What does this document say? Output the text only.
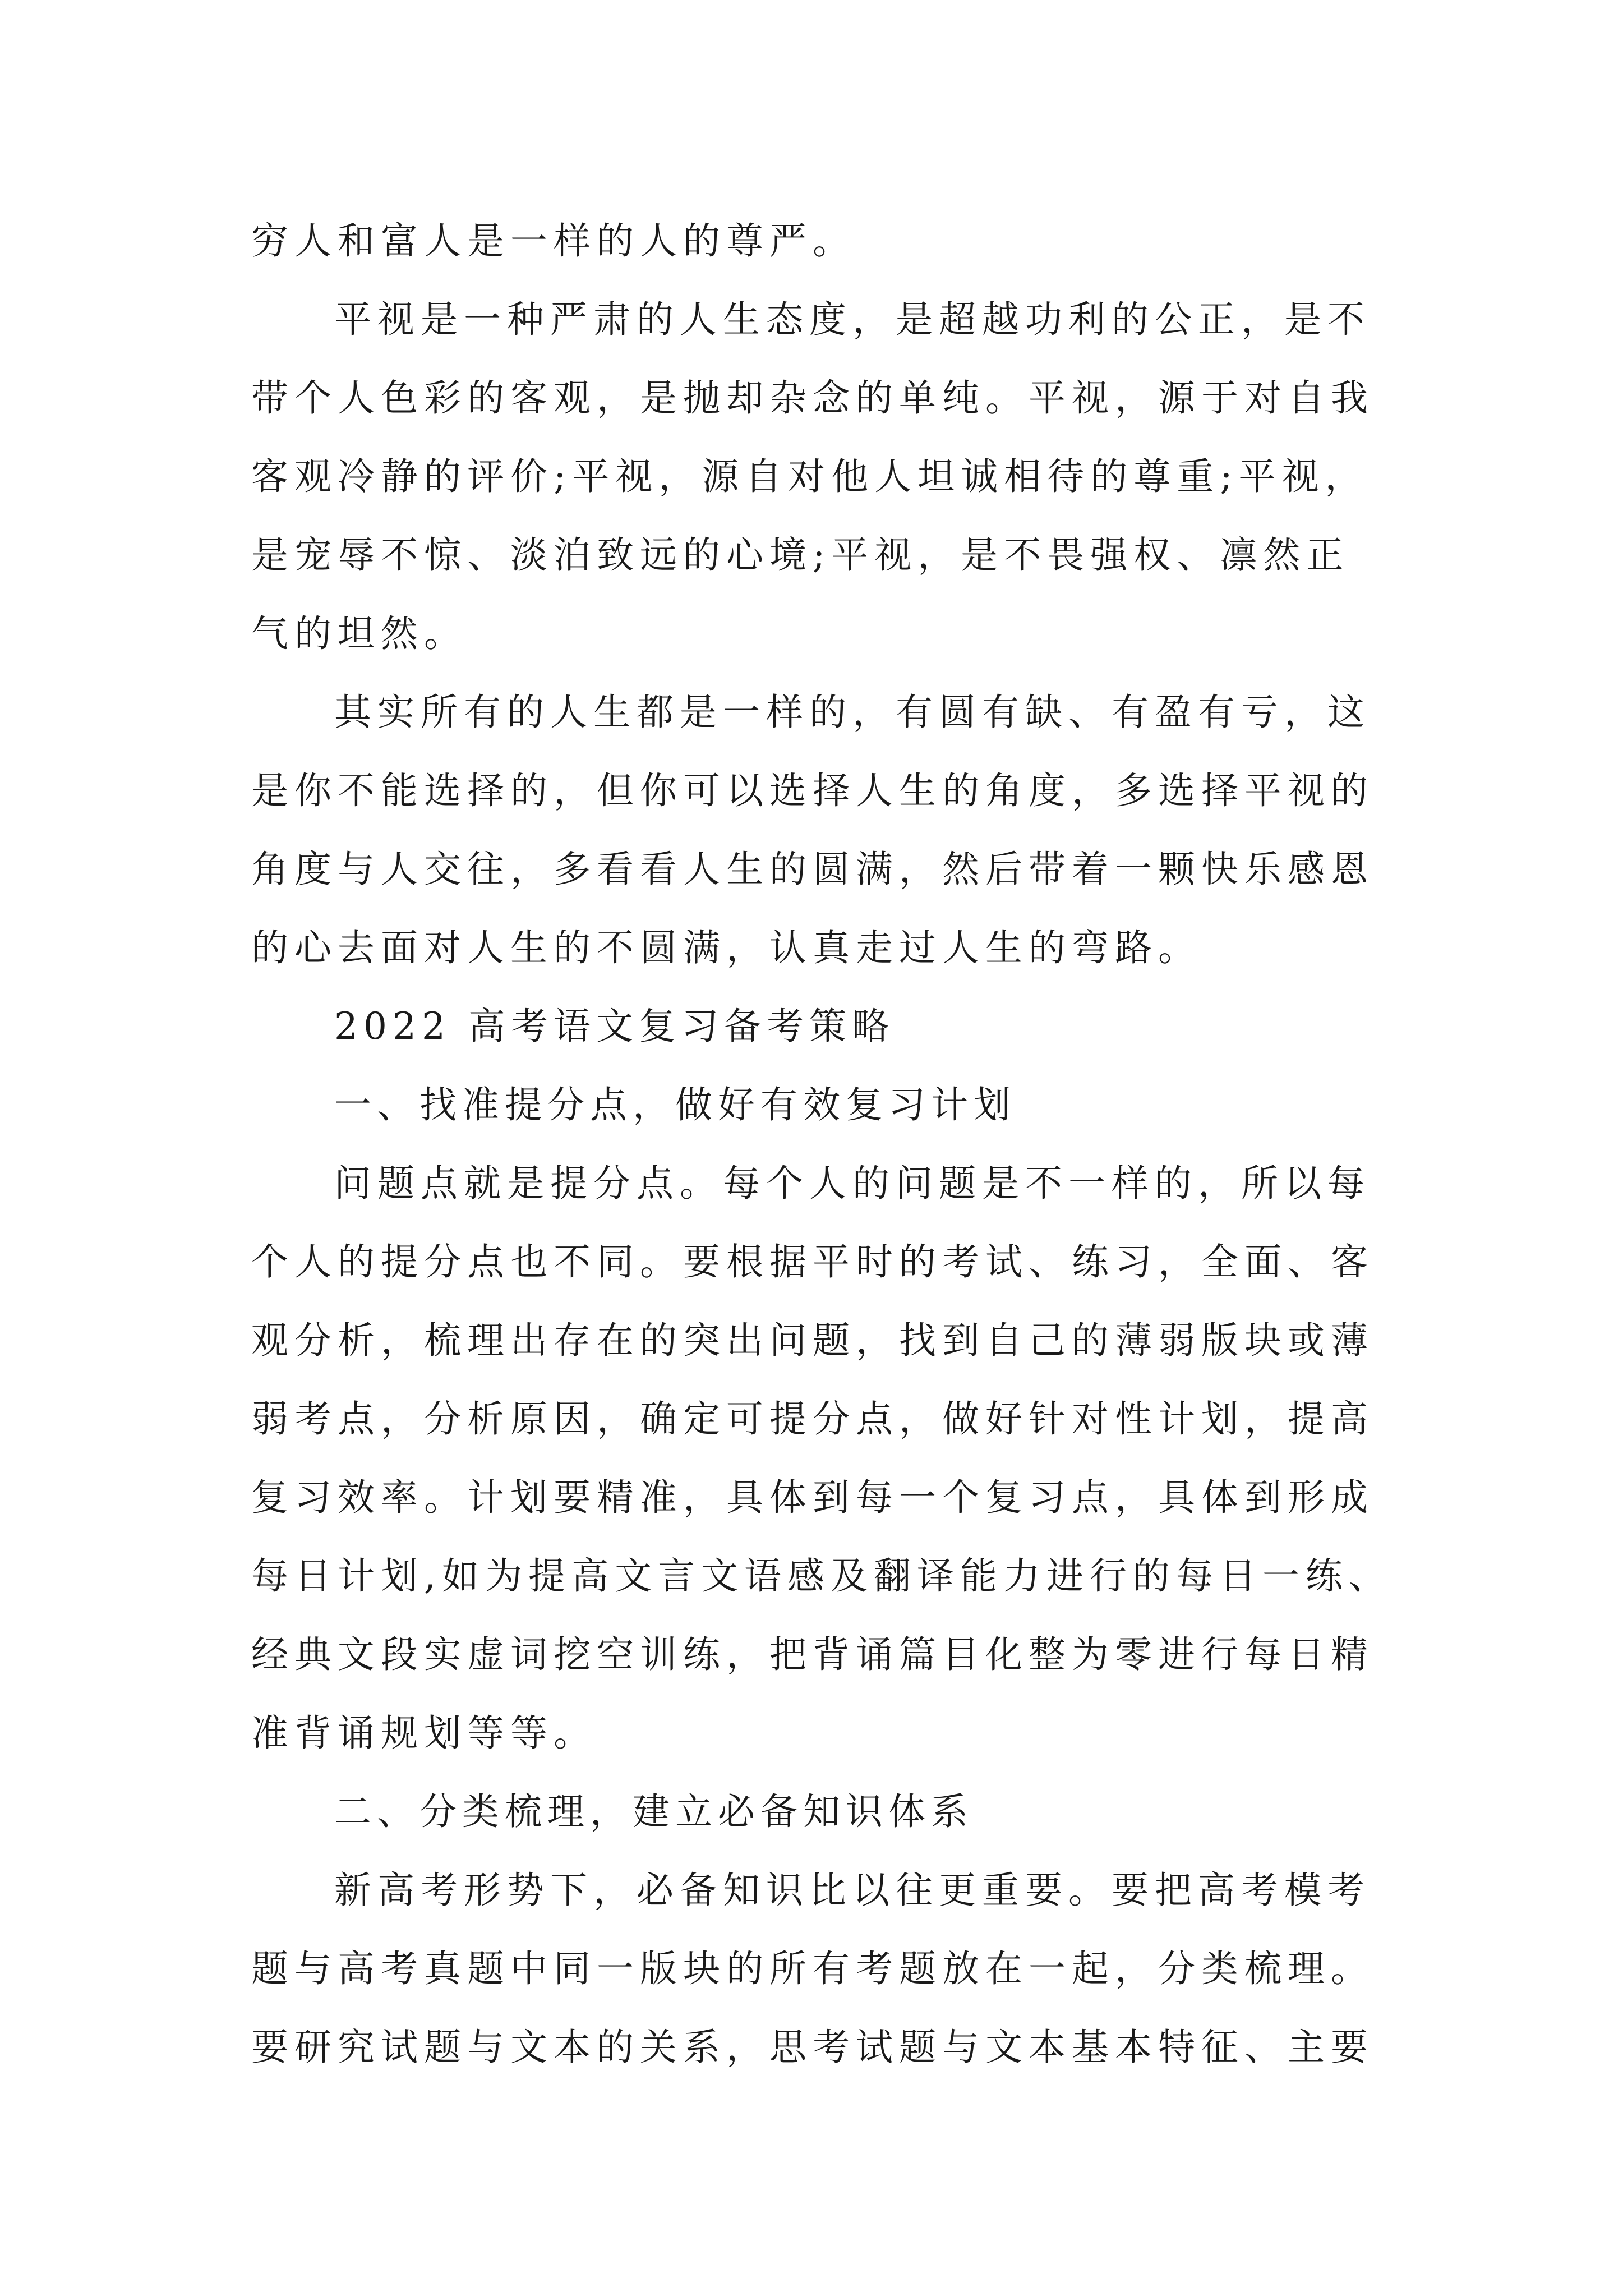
穷人和富人是一样的人的尊严。
平视是一种严肃的人生态度，是超越功利的公正，是不
带个人色彩的客观，是抛却杂念的单纯。平视，源于对自我
客观冷静的评价;平视，源自对他人坦诚相待的尊重;平视，
是宠辱不惊、淡泊致远的心境;平视，是不畏强权、凛然正
气的坦然。
其实所有的人生都是一样的，有圆有缺、有盈有亏，这
是你不能选择的，但你可以选择人生的角度，多选择平视的
角度与人交往，多看看人生的圆满，然后带着一颗快乐感恩
的心去面对人生的不圆满，认真走过人生的弯路。
2022 高考语文复习备考策略
一、找准提分点，做好有效复习计划
问题点就是提分点。每个人的问题是不一样的，所以每
个人的提分点也不同。要根据平时的考试、练习，全面、客
观分析，梳理出存在的突出问题，找到自己的薄弱版块或薄
弱考点，分析原因，确定可提分点，做好针对性计划，提高
复习效率。计划要精准，具体到每一个复习点，具体到形成
每日计划,如为提高文言文语感及翻译能力进行的每日一练、
经典文段实虚词挖空训练，把背诵篇目化整为零进行每日精
准背诵规划等等。
二、分类梳理，建立必备知识体系
新高考形势下，必备知识比以往更重要。要把高考模考
题与高考真题中同一版块的所有考题放在一起，分类梳理。
要研究试题与文本的关系，思考试题与文本基本特征、主要
